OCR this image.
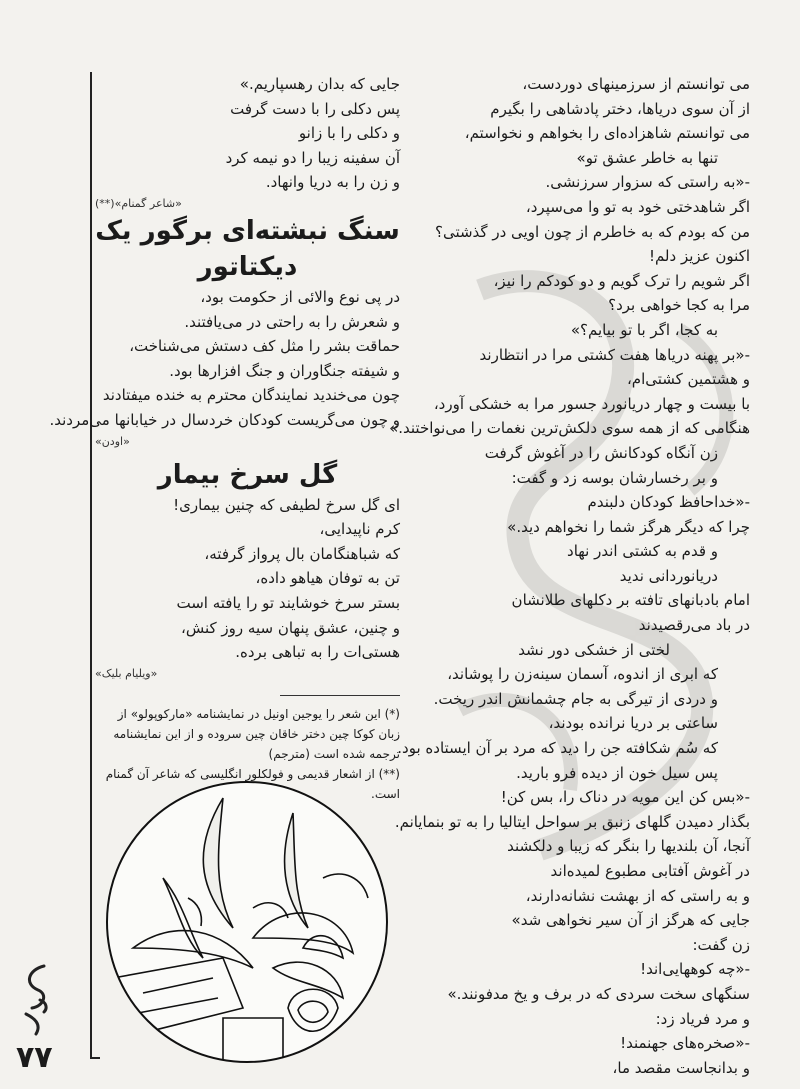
می توانستم از سرزمینهای دوردست،
از آن سوی دریاها، دختر پادشاهی را بگیرم
می توانستم شاهزاده‌ای را بخواهم و نخواستم،
تنها به خاطر عشق تو»
-«به راستی که سزوار سرزنشی.
اگر شاهدختی خود به تو وا می‌سپرد،
من که بودم که به خاطرم از چون اویی در گذشتی؟
اکنون عزیز دلم!
اگر شویم را ترک گویم و دو کودکم را نیز،
مرا به کجا خواهی برد؟
به کجا، اگر با تو بیایم؟»
-«بر پهنه دریاها هفت کشتی مرا در انتظارند
و هشتمین کشتی‌ام،
با بیست و چهار دریانورد جسور مرا به خشکی آورد،
هنگامی که از همه سوی دلکش‌ترین نغمات را می‌نواختند.»
زن آنگاه کودکانش را در آغوش گرفت
و بر رخسارشان بوسه زد و گفت:
-«خداحافظ کودکان دلبندم
چرا که دیگر هرگز شما را نخواهم دید.»
و قدم به کشتی اندر نهاد
دریانوردانی ندید
امام بادبانهای تافته بر دکلهای طلانشان
در باد می‌رقصیدند
لختی از خشکی دور نشد
که ابری از اندوه، آسمان سینه‌زن را پوشاند،
و دردی از تیرگی به جام چشمانش اندر ریخت.
ساعتی بر دریا نرانده بودند،
که سُم شکافته جن را دید که مرد بر آن ایستاده بود.
پس سیل خون از دیده فرو بارید.
-«بس کن این مویه در دناک را، بس کن!
بگذار دمیدن گلهای زنبق بر سواحل ایتالیا را به تو بنمایانم.
آنجا، آن بلندیها را بنگر که زیبا و دلکشند
در آغوش آفتابی مطبوع لمیده‌اند
و به راستی که از بهشت نشانه‌دارند،
جایی که هرگز از آن سیر نخواهی شد»
زن گفت:
-«چه کوههایی‌اند!
سنگهای سخت سردی که در برف و یخ مدفونند.»
و مرد فریاد زد:
-«صخره‌های جهنمند!
و بدانجاست مقصد ما،
جایی که بدان رهسپاریم.»
پس دکلی را با دست گرفت
و دکلی را با زانو
آن سفینه زیبا را دو نیمه کرد
و زن را به دریا وانهاد.
«شاعر گمنام»(**)
سنگ نبشته‌ای برگور یک دیکتاتور
در پی نوع والائی از حکومت بود،
و شعرش را به راحتی در می‌یافتند.
حماقت بشر را مثل کف دستش می‌شناخت،
و شیفته جنگاوران و جنگ افزارها بود.
چون می‌خندید نمایندگان محترم به خنده میفتادند
و چون می‌گریست کودکان خردسال در خیابانها می‌مردند.
«اودن»
گل سرخ بیمار
ای گل سرخ لطیفی که چنین بیماری!
کرم ناپیدایی،
که شباهنگامان بال پرواز گرفته،
تن به توفان هیاهو داده،
بستر سرخ خوشایند تو را یافته است
و چنین، عشق پنهان سیه روز کنش،
هستی‌ات را به تباهی برده.
«ویلیام بلیک»
(*) این شعر را یوجین اونیل در نمایشنامه «مارکوپولو» از زبان کوکا چین دختر خاقان چین سروده و از این نمایشنامه ترجمه شده است (مترجم)
(**) از اشعار قدیمی و فولکلور انگلیسی که شاعر آن گمنام است.
۷۷
